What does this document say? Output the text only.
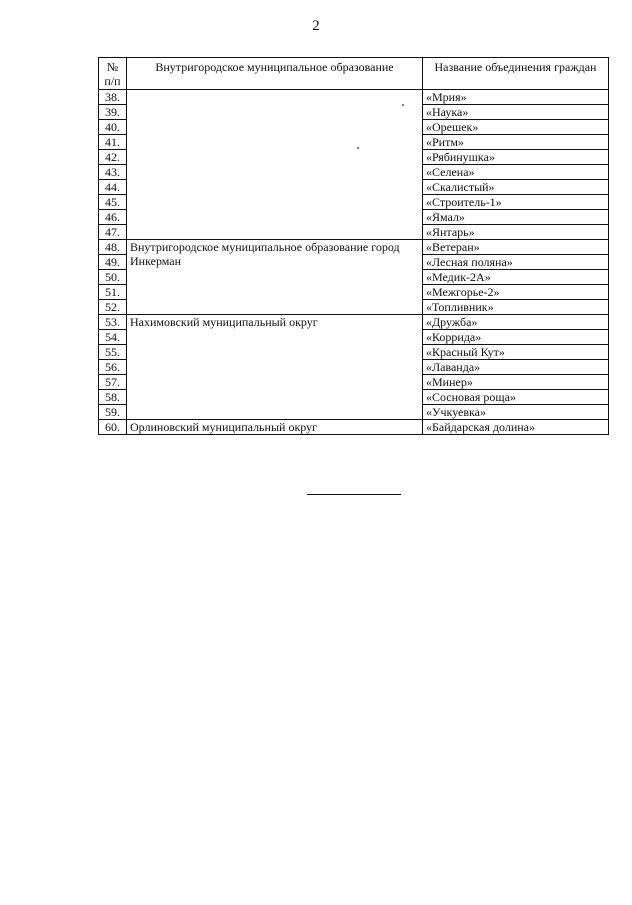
2
№ п/п	Внутригородское муниципальное образование	Название объединения граждан
38.		«Мрия»
39.		«Наука»
40.		«Орешек»
41.		«Ритм»
42.		«Рябинушка»
43.		«Селена»
44.		«Скалистый»
45.		«Строитель-1»
46.		«Ямал»
47.		«Янтарь»
48.	Внутригородское муниципальное образование город Инкерман	«Ветеран»
49.		«Лесная поляна»
50.		«Медик-2А»
51.		«Межгорье-2»
52.		«Топливник»
53.	Нахимовский муниципальный округ	«Дружба»
54.		«Коррида»
55.		«Красный Кут»
56.		«Лаванда»
57.		«Минер»
58.		«Сосновая роща»
59.		«Учкуевка»
60.	Орлиновский муниципальный округ	«Байдарская долина»
